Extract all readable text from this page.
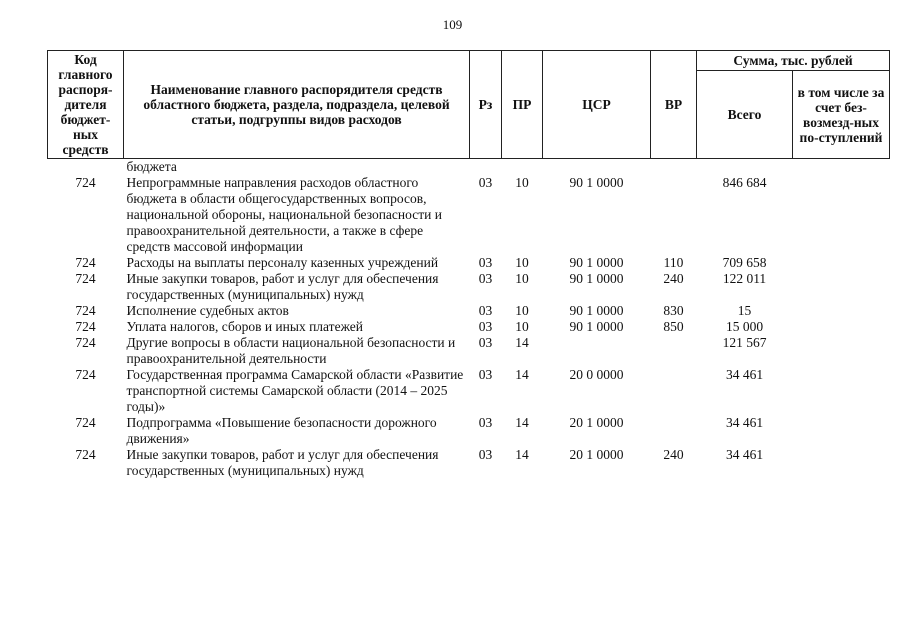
109
Код главного распоря-дителя бюджет-ных средств	Наименование главного распорядителя средств областного бюджета, раздела, подраздела, целевой статьи, подгруппы видов расходов	Рз	ПР	ЦСР	ВР	Сумма, тыс. рублей	
						Всего	в том числе за счет без-возмезд-ных по-ступлений
	бюджета						
724	Непрограммные направления расходов областного бюджета в области общегосударственных вопросов, национальной обороны, национальной безопасности и правоохранительной деятельности, а также в сфере средств массовой информации	03	10	90 1 0000		846 684	
724	Расходы на выплаты персоналу казенных учреждений	03	10	90 1 0000	110	709 658	
724	Иные закупки товаров, работ и услуг для обеспечения государственных (муниципальных) нужд	03	10	90 1 0000	240	122 011	
724	Исполнение судебных актов	03	10	90 1 0000	830	15	
724	Уплата налогов, сборов и иных платежей	03	10	90 1 0000	850	15 000	
724	Другие вопросы в области национальной безопасности и правоохранительной деятельности	03	14			121 567	
724	Государственная программа Самарской области «Развитие транспортной системы Самарской области (2014 – 2025 годы)»	03	14	20 0 0000		34 461	
724	Подпрограмма «Повышение безопасности дорожного движения»	03	14	20 1 0000		34 461	
724	Иные закупки товаров, работ и услуг для обеспечения государственных (муниципальных) нужд	03	14	20 1 0000	240	34 461	
